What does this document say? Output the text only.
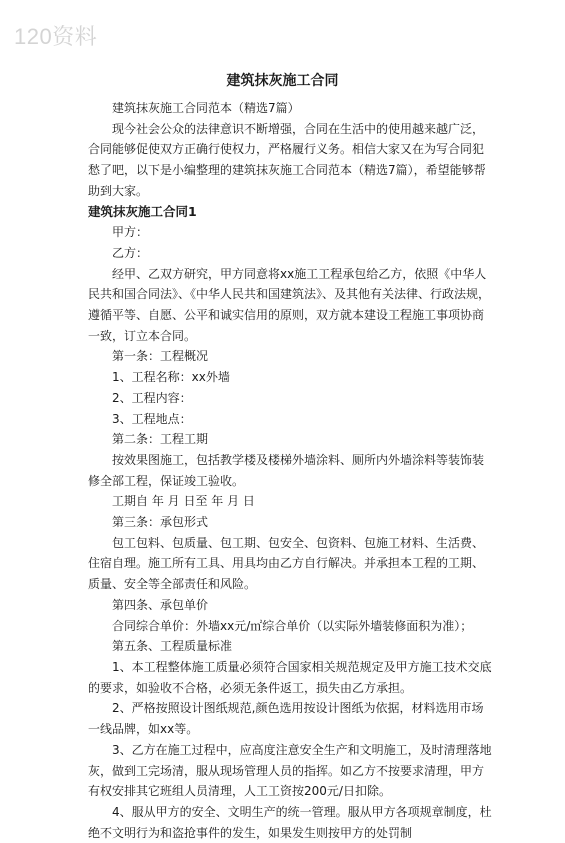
120资料
建筑抹灰施工合同

建筑抹灰施工合同范本（精选7篇）

现今社会公众的法律意识不断增强，合同在生活中的使用越来越广泛，合同能够促使双方正确行使权力，严格履行义务。相信大家又在为写合同犯愁了吧，以下是小编整理的建筑抹灰施工合同范本（精选7篇），希望能够帮助到大家。

建筑抹灰施工合同1

甲方：

乙方：

经甲、乙双方研究，甲方同意将xx施工工程承包给乙方，依照《中华人民共和国合同法》、《中华人民共和国建筑法》、及其他有关法律、行政法规，遵循平等、自愿、公平和诚实信用的原则，双方就本建设工程施工事项协商一致，订立本合同。

第一条：工程概况

1、工程名称：xx外墙

2、工程内容：

3、工程地点：

第二条：工程工期

按效果图施工，包括教学楼及楼梯外墙涂料、厕所内外墙涂料等装饰装修全部工程，保证竣工验收。

工期自 年 月 日至 年 月 日

第三条：承包形式

包工包料、包质量、包工期、包安全、包资料、包施工材料、生活费、住宿自理。施工所有工具、用具均由乙方自行解决。并承担本工程的工期、质量、安全等全部责任和风险。

第四条、承包单价

合同综合单价：外墙xx元/㎡综合单价（以实际外墙装修面积为准）；

第五条、工程质量标准

1、本工程整体施工质量必须符合国家相关规范规定及甲方施工技术交底的要求，如验收不合格，必须无条件返工，损失由乙方承担。

2、严格按照设计图纸规范,颜色选用按设计图纸为依据，材料选用市场一线品牌，如xx等。

3、乙方在施工过程中，应高度注意安全生产和文明施工，及时清理落地灰，做到工完场清，服从现场管理人员的指挥。如乙方不按要求清理，甲方有权安排其它班组人员清理，人工工资按200元/日扣除。

4、服从甲方的安全、文明生产的统一管理。服从甲方各项规章制度，杜绝不文明行为和盗抢事件的发生，如果发生则按甲方的处罚制
